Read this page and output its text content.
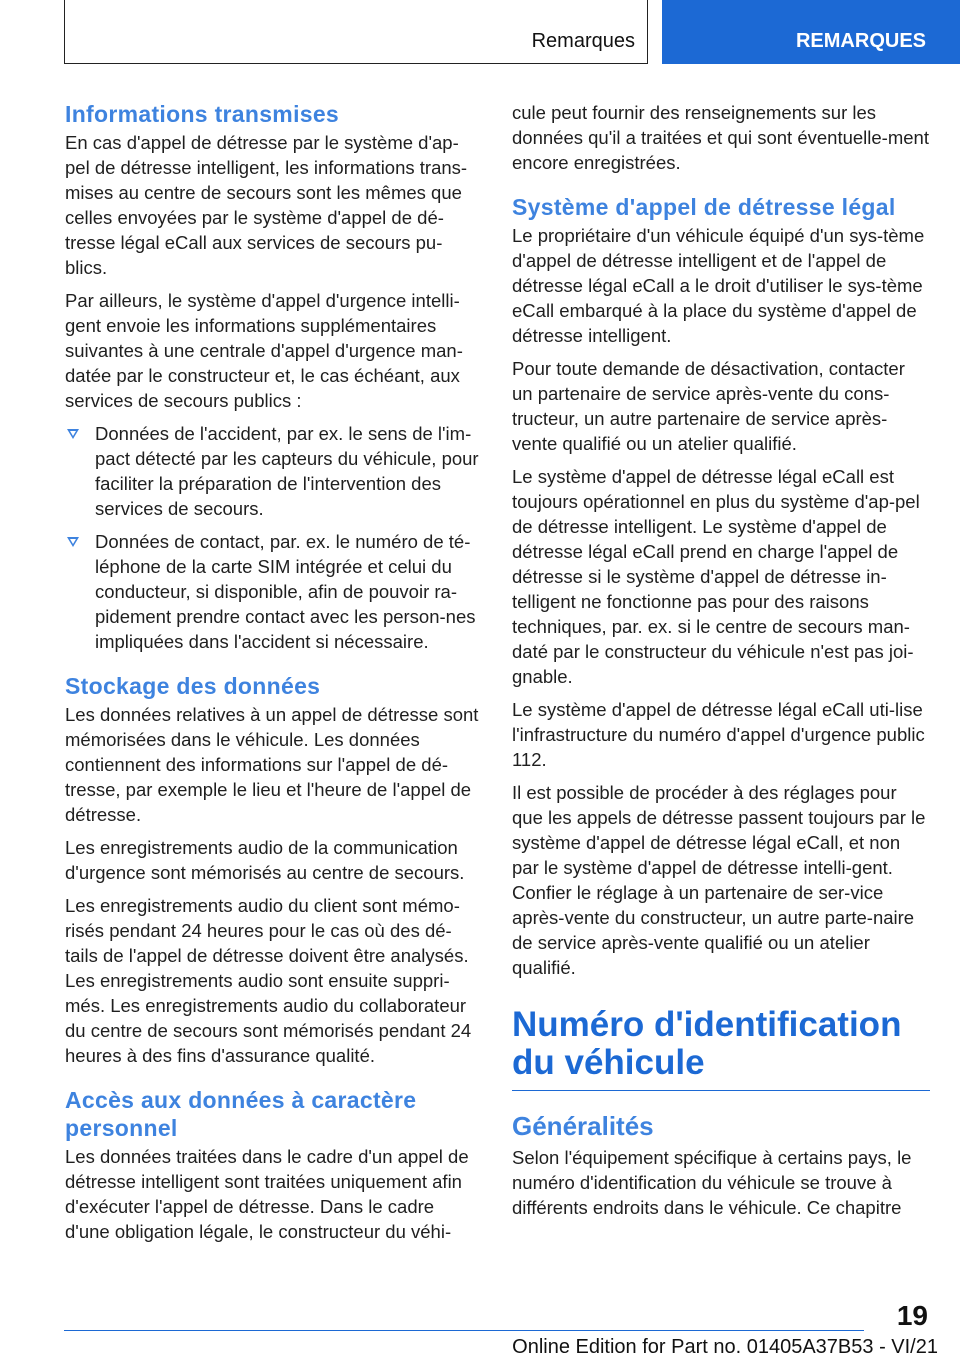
Remarques	REMARQUES
Informations transmises

En cas d'appel de détresse par le système d'ap-pel de détresse intelligent, les informations trans-mises au centre de secours sont les mêmes que celles envoyées par le système d'appel de dé-tresse légal eCall aux services de secours pu-blics.

Par ailleurs, le système d'appel d'urgence intelli-gent envoie les informations supplémentaires suivantes à une centrale d'appel d'urgence man-datée par le constructeur et, le cas échéant, aux services de secours publics :

Données de l'accident, par ex. le sens de l'im-pact détecté par les capteurs du véhicule, pour faciliter la préparation de l'intervention des services de secours.
Données de contact, par. ex. le numéro de té-léphone de la carte SIM intégrée et celui du conducteur, si disponible, afin de pouvoir ra-pidement prendre contact avec les person-nes impliquées dans l'accident si nécessaire.
Stockage des données

Les données relatives à un appel de détresse sont mémorisées dans le véhicule. Les données contiennent des informations sur l'appel de dé-tresse, par exemple le lieu et l'heure de l'appel de détresse.

Les enregistrements audio de la communication d'urgence sont mémorisés au centre de secours.

Les enregistrements audio du client sont mémo-risés pendant 24 heures pour le cas où des dé-tails de l'appel de détresse doivent être analysés. Les enregistrements audio sont ensuite suppri-més. Les enregistrements audio du collaborateur du centre de secours sont mémorisés pendant 24 heures à des fins d'assurance qualité.

Accès aux données à caractère personnel

Les données traitées dans le cadre d'un appel de détresse intelligent sont traitées uniquement afin d'exécuter l'appel de détresse. Dans le cadre d'une obligation légale, le constructeur du véhi-

cule peut fournir des renseignements sur les données qu'il a traitées et qui sont éventuelle-ment encore enregistrées.

Système d'appel de détresse légal

Le propriétaire d'un véhicule équipé d'un sys-tème d'appel de détresse intelligent et de l'appel de détresse légal eCall a le droit d'utiliser le sys-tème eCall embarqué à la place du système d'appel de détresse intelligent.

Pour toute demande de désactivation, contacter un partenaire de service après-vente du cons-tructeur, un autre partenaire de service après-vente qualifié ou un atelier qualifié.

Le système d'appel de détresse légal eCall est toujours opérationnel en plus du système d'ap-pel de détresse intelligent. Le système d'appel de détresse légal eCall prend en charge l'appel de détresse si le système d'appel de détresse in-telligent ne fonctionne pas pour des raisons techniques, par. ex. si le centre de secours man-daté par le constructeur du véhicule n'est pas joi-gnable.

Le système d'appel de détresse légal eCall uti-lise l'infrastructure du numéro d'appel d'urgence public 112.

Il est possible de procéder à des réglages pour que les appels de détresse passent toujours par le système d'appel de détresse légal eCall, et non par le système d'appel de détresse intelli-gent. Confier le réglage à un partenaire de ser-vice après-vente du constructeur, un autre parte-naire de service après-vente qualifié ou un atelier qualifié.

Numéro d'identification du véhicule
Généralités

Selon l'équipement spécifique à certains pays, le numéro d'identification du véhicule se trouve à différents endroits dans le véhicule. Ce chapitre

19
Online Edition for Part no. 01405A37B53 - VI/21
